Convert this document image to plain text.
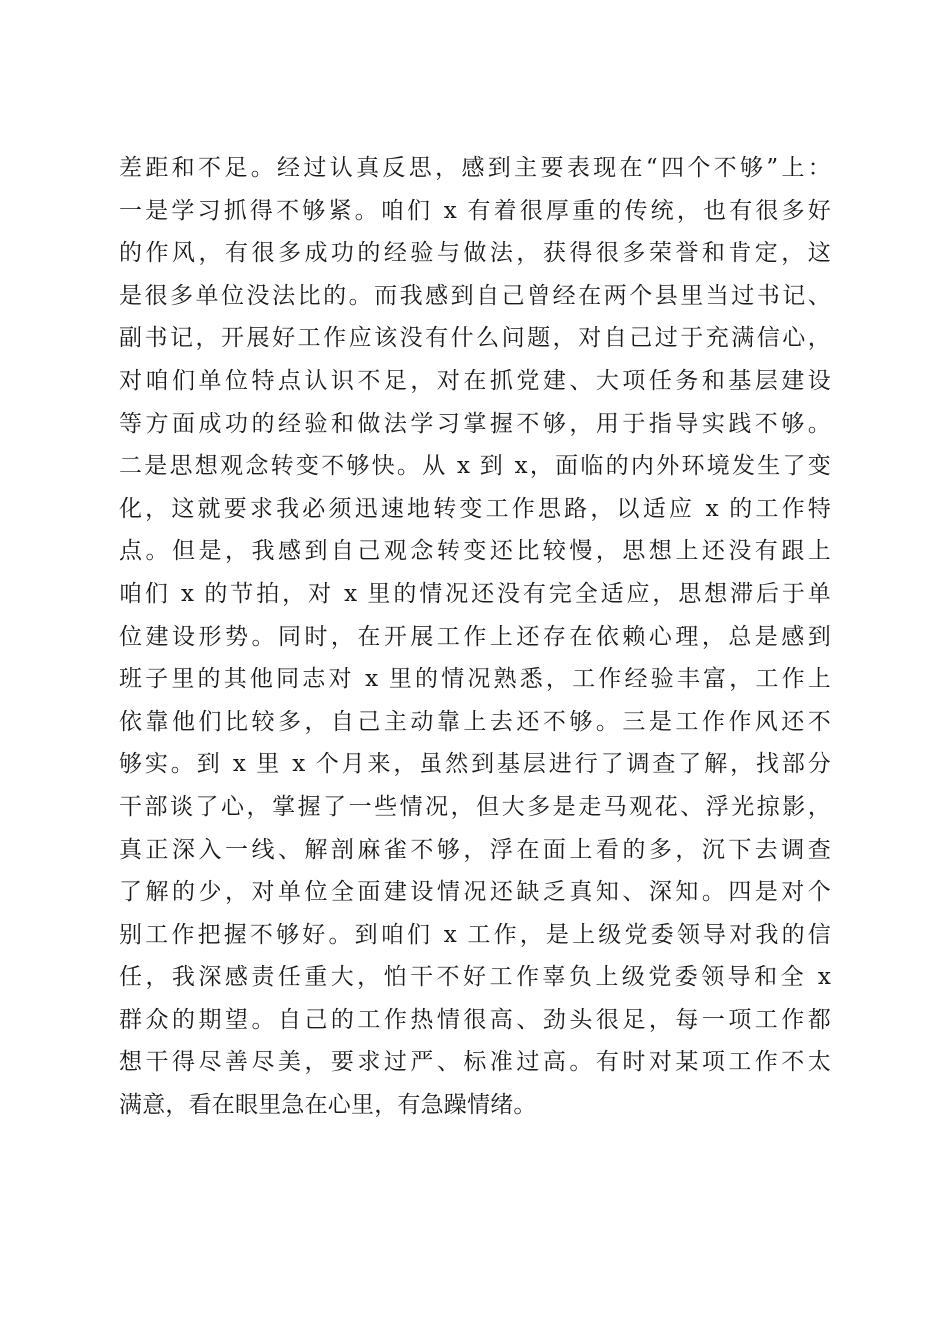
差距和不足。经过认真反思，感到主要表现在“四个不够”上：
一是学习抓得不够紧。咱们 x 有着很厚重的传统，也有很多好
的作风，有很多成功的经验与做法，获得很多荣誉和肯定，这
是很多单位没法比的。而我感到自己曾经在两个县里当过书记、
副书记，开展好工作应该没有什么问题，对自己过于充满信心，
对咱们单位特点认识不足，对在抓党建、大项任务和基层建设
等方面成功的经验和做法学习掌握不够，用于指导实践不够。
二是思想观念转变不够快。从 x 到 x，面临的内外环境发生了变
化，这就要求我必须迅速地转变工作思路，以适应 x 的工作特
点。但是，我感到自己观念转变还比较慢，思想上还没有跟上
咱们 x 的节拍，对 x 里的情况还没有完全适应，思想滞后于单
位建设形势。同时，在开展工作上还存在依赖心理，总是感到
班子里的其他同志对 x 里的情况熟悉，工作经验丰富，工作上
依靠他们比较多，自己主动靠上去还不够。三是工作作风还不
够实。到 x 里 x 个月来，虽然到基层进行了调查了解，找部分
干部谈了心，掌握了一些情况，但大多是走马观花、浮光掠影，
真正深入一线、解剖麻雀不够，浮在面上看的多，沉下去调查
了解的少，对单位全面建设情况还缺乏真知、深知。四是对个
别工作把握不够好。到咱们 x 工作，是上级党委领导对我的信
任，我深感责任重大，怕干不好工作辜负上级党委领导和全 x
群众的期望。自己的工作热情很高、劲头很足，每一项工作都
想干得尽善尽美，要求过严、标准过高。有时对某项工作不太
满意，看在眼里急在心里，有急躁情绪。
